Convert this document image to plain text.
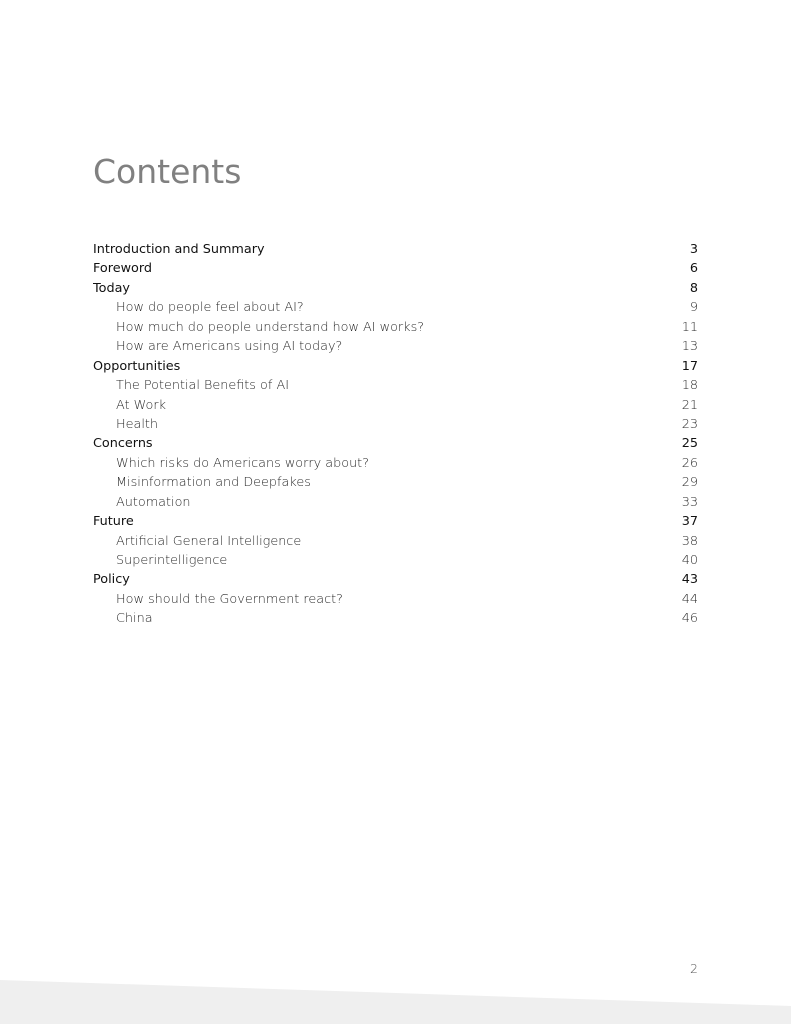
Contents
Introduction and Summary	3
Foreword	6
Today	8
How do people feel about AI?	9
How much do people understand how AI works?	11
How are Americans using AI today?	13
Opportunities	17
The Potential Benefits of AI	18
At Work	21
Health	23
Concerns	25
Which risks do Americans worry about?	26
Misinformation and Deepfakes	29
Automation	33
Future	37
Artificial General Intelligence	38
Superintelligence	40
Policy	43
How should the Government react?	44
China	46
2
